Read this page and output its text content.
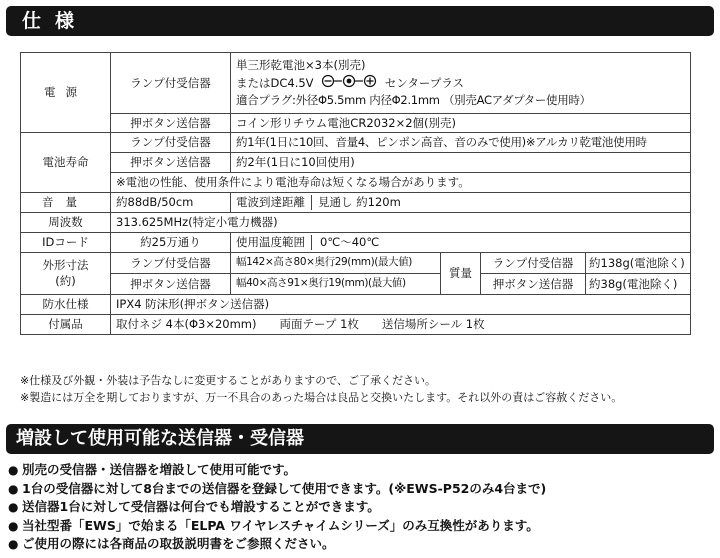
仕様
電源	ランプ付受信器	単三形乾電池×3本(別売)
またはDC4.5V センタープラス
適合プラグ:外径Φ5.5mm 内径Φ2.1mm （別売ACアダプター使用時）			

	押ボタン送信器	コイン形リチウム電池CR2032×2個(別売)			
電池寿命	ランプ付受信器	約1年(1日に10回、音量4、ピンポン高音、音のみで使用)※アルカリ乾電池使用時			
	押ボタン送信器	約2年(1日に10回使用)			
	※電池の性能、使用条件により電池寿命は短くなる場合があります。				
音量	約88dB/50cm	電波到達距離 見通し 約120m			
周波数	313.625MHz(特定小電力機器)				
IDコード	約25万通り	使用温度範囲 0℃～40℃			

外形寸法
(約)	ランプ付受信器	幅142×高さ80×奥行29(mm)(最大値)	質量	ランプ付受信器	約138g(電池除く)
	押ボタン送信器	幅40×高さ91×奥行19(mm)(最大値)		押ボタン送信器	約38g(電池除く)
防水仕様	IPX4 防沫形(押ボタン送信器)				
付属品	取付ネジ 4本(Φ3×20mm)　　両面テープ 1枚　　送信場所シール 1枚				
※仕様及び外観・外装は予告なしに変更することがありますので、ご了承ください。
※製造には万全を期しておりますが、万一不具合のあった場合は良品と交換いたします。それ以外の責はご容赦ください。
増設して使用可能な送信器・受信器
● 別売の受信器・送信器を増設して使用可能です。
● 1台の受信器に対して8台までの送信器を登録して使用できます。(※EWS-P52のみ4台まで)
● 送信器1台に対して受信器は何台でも増設することができます。
● 当社型番「EWS」で始まる「ELPA ワイヤレスチャイムシリーズ」のみ互換性があります。
● ご使用の際には各商品の取扱説明書をご参照ください。
